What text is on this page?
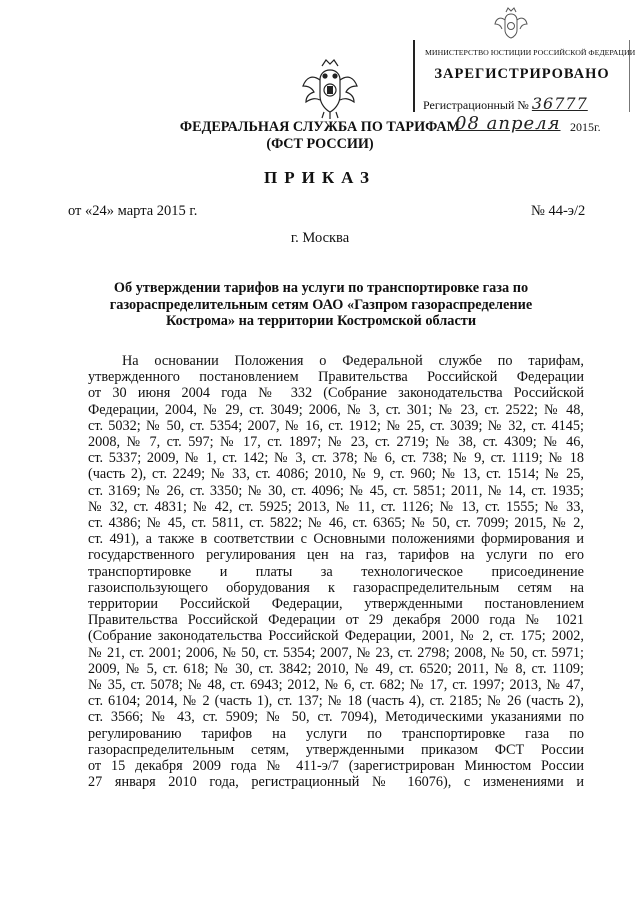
МИНИСТЕРСТВО ЮСТИЦИИ РОССИЙСКОЙ ФЕДЕРАЦИИ
ЗАРЕГИСТРИРОВАНО
Регистрационный № 36777
ФЕДЕРАЛЬНАЯ СЛУЖБА ПО ТАРИФАМ
(ФСТ РОССИИ)
08 апреля 2015г.
ПРИКАЗ
от «24» марта 2015 г.	№ 44-э/2
г. Москва
Об утверждении тарифов на услуги по транспортировке газа по газораспределительным сетям ОАО «Газпром газораспределение Кострома» на территории Костромской области
На основании Положения о Федеральной службе по тарифам,
утвержденного постановлением Правительства Российской Федерации
от 30 июня 2004 года № 332 (Собрание законодательства Российской
Федерации, 2004, № 29, ст. 3049; 2006, № 3, ст. 301; № 23, ст. 2522; № 48,
ст. 5032; № 50, ст. 5354; 2007, № 16, ст. 1912; № 25, ст. 3039; № 32, ст. 4145;
2008, № 7, ст. 597; № 17, ст. 1897; № 23, ст. 2719; № 38, ст. 4309; № 46,
ст. 5337; 2009, № 1, ст. 142; № 3, ст. 378; № 6, ст. 738; № 9, ст. 1119; № 18
(часть 2), ст. 2249; № 33, ст. 4086; 2010, № 9, ст. 960; № 13, ст. 1514; № 25,
ст. 3169; № 26, ст. 3350; № 30, ст. 4096; № 45, ст. 5851; 2011, № 14, ст. 1935;
№ 32, ст. 4831; № 42, ст. 5925; 2013, № 11, ст. 1126; № 13, ст. 1555; № 33,
ст. 4386; № 45, ст. 5811, ст. 5822; № 46, ст. 6365; № 50, ст. 7099; 2015, № 2,
ст. 491), а также в соответствии с Основными положениями формирования и
государственного регулирования цен на газ, тарифов на услуги по его
транспортировке и платы за технологическое присоединение
газоиспользующего оборудования к газораспределительным сетям на
территории Российской Федерации, утвержденными постановлением
Правительства Российской Федерации от 29 декабря 2000 года № 1021
(Собрание законодательства Российской Федерации, 2001, № 2, ст. 175; 2002,
№ 21, ст. 2001; 2006, № 50, ст. 5354; 2007, № 23, ст. 2798; 2008, № 50, ст. 5971;
2009, № 5, ст. 618; № 30, ст. 3842; 2010, № 49, ст. 6520; 2011, № 8, ст. 1109;
№ 35, ст. 5078; № 48, ст. 6943; 2012, № 6, ст. 682; № 17, ст. 1997; 2013, № 47,
ст. 6104; 2014, № 2 (часть 1), ст. 137; № 18 (часть 4), ст. 2185; № 26 (часть 2),
ст. 3566; № 43, ст. 5909; № 50, ст. 7094), Методическими указаниями по
регулированию тарифов на услуги по транспортировке газа по
газораспределительным сетям, утвержденными приказом ФСТ России
от 15 декабря 2009 года № 411-э/7 (зарегистрирован Минюстом России
27 января 2010 года, регистрационный № 16076), с изменениями и
